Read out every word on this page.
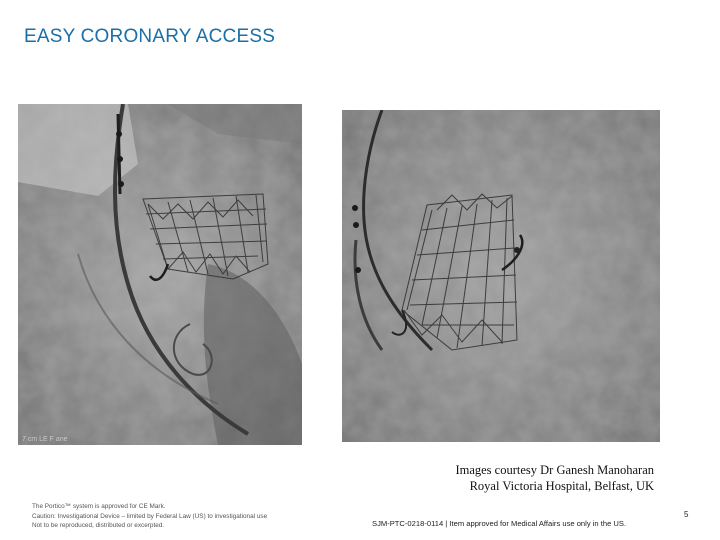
EASY CORONARY ACCESS
7 cm LE F ane
Images courtesy Dr Ganesh Manoharan
Royal Victoria Hospital, Belfast, UK
The Portico™ system is approved for CE Mark.
Caution: Investigational Device – limited by Federal Law (US) to investigational use
Not to be reproduced, distributed or excerpted.	SJM-PTC-0218-0114 | Item approved for Medical Affairs use only in the US.
5
